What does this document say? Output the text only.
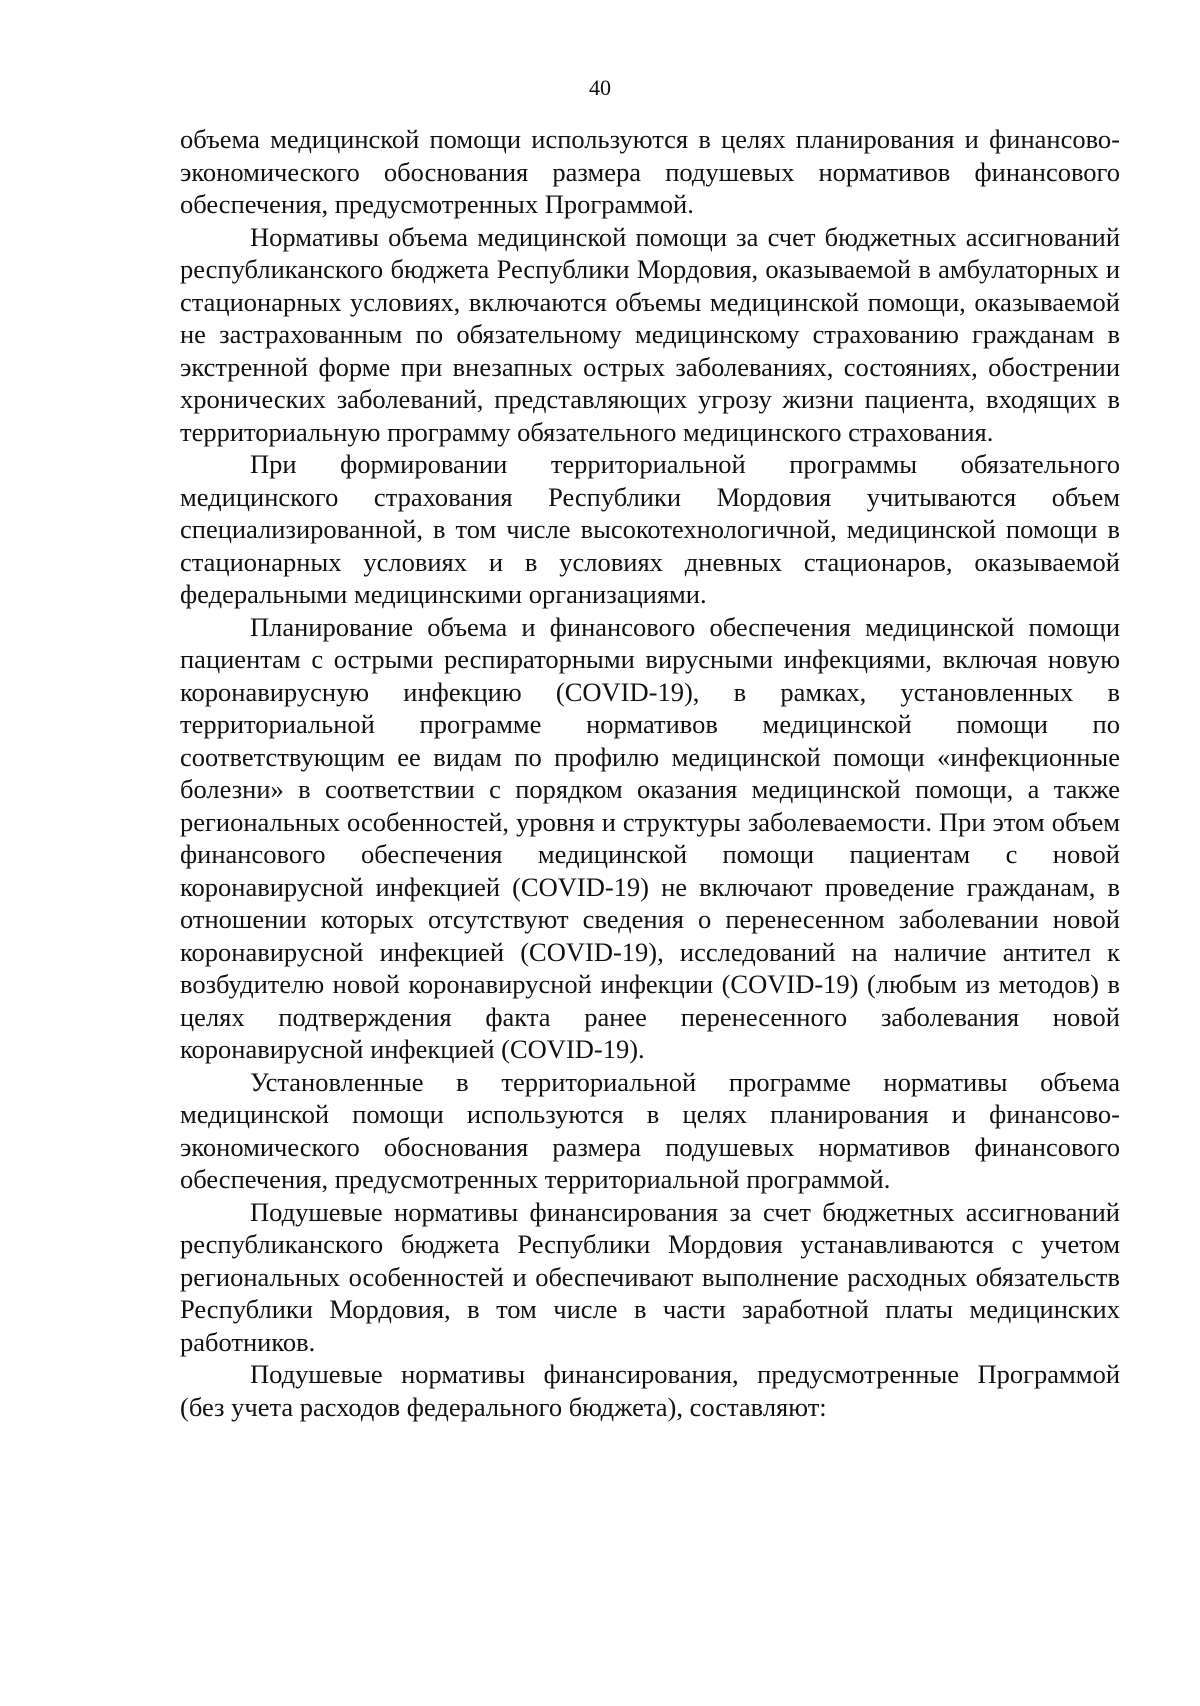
40

объема медицинской помощи используются в целях планирования и финансово-экономического обоснования размера подушевых нормативов финансового обеспечения, предусмотренных Программой.

Нормативы объема медицинской помощи за счет бюджетных ассигнований республиканского бюджета Республики Мордовия, оказываемой в амбулаторных и стационарных условиях, включаются объемы медицинской помощи, оказываемой не застрахованным по обязательному медицинскому страхованию гражданам в экстренной форме при внезапных острых заболеваниях, состояниях, обострении хронических заболеваний, представляющих угрозу жизни пациента, входящих в территориальную программу обязательного медицинского страхования.

При формировании территориальной программы обязательного медицинского страхования Республики Мордовия учитываются объем специализированной, в том числе высокотехнологичной, медицинской помощи в стационарных условиях и в условиях дневных стационаров, оказываемой федеральными медицинскими организациями.

Планирование объема и финансового обеспечения медицинской помощи пациентам с острыми респираторными вирусными инфекциями, включая новую коронавирусную инфекцию (COVID-19), в рамках, установленных в территориальной программе нормативов медицинской помощи по соответствующим ее видам по профилю медицинской помощи «инфекционные болезни» в соответствии с порядком оказания медицинской помощи, а также региональных особенностей, уровня и структуры заболеваемости. При этом объем финансового обеспечения медицинской помощи пациентам с новой коронавирусной инфекцией (COVID-19) не включают проведение гражданам, в отношении которых отсутствуют сведения о перенесенном заболевании новой коронавирусной инфекцией (COVID-19), исследований на наличие антител к возбудителю новой коронавирусной инфекции (COVID-19) (любым из методов) в целях подтверждения факта ранее перенесенного заболевания новой коронавирусной инфекцией (COVID-19).

Установленные в территориальной программе нормативы объема медицинской помощи используются в целях планирования и финансово-экономического обоснования размера подушевых нормативов финансового обеспечения, предусмотренных территориальной программой.

Подушевые нормативы финансирования за счет бюджетных ассигнований республиканского бюджета Республики Мордовия устанавливаются с учетом региональных особенностей и обеспечивают выполнение расходных обязательств Республики Мордовия, в том числе в части заработной платы медицинских работников.

Подушевые нормативы финансирования, предусмотренные Программой (без учета расходов федерального бюджета), составляют:
